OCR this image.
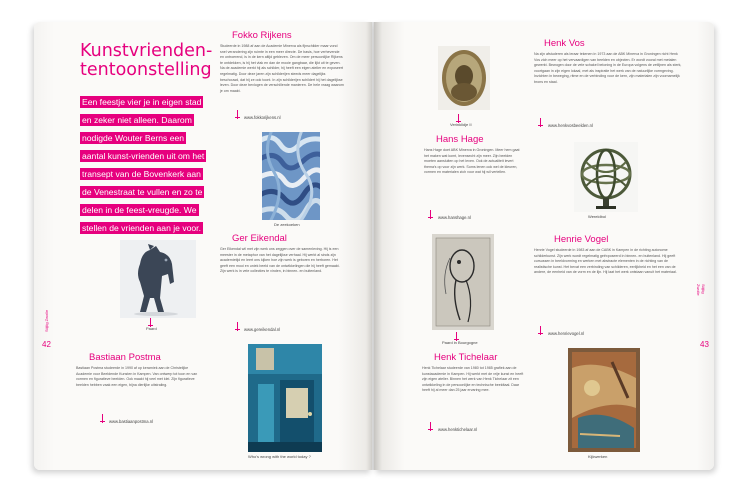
Kunstvrienden-
tentoonstelling
Een feestje vier je in eigen stad en zeker niet alleen. Daarom nodigde Wouter Berns een aantal kunst-vrienden uit om het transept van de Bovenkerk aan de Venestraat te vullen en zo te delen in de feest-vreugde. We stellen de vrienden aan je voor.
Fokko Rijkens
Studeerde in 1988 af aan de Academie Minerva als fijnschilder maar vond snel verandering zijn ruimte in een meer directe. De basis, hoe verhevende en ontroerend, is in de kern altijd gebleven. Om de meer persoonlijke Rijkens te ontdekken, is hij het vlak en dan de mooie gangbaar, die lijkt uit te geven. Na de academie werkt hij als schilder, hij heeft een eigen atelier en exposeert regelmatig. Door deze jaren zijn schilderijen steeds meer dagelijks beschouwd, dat hij ze ook toont. In zijn schilderijen schildert hij het dagelijkse leven. Door deze bevlogen de verschillende manieren. De hele vraag waarom je om maakt.
www.fokkorijkens.nl
De zeekoeken
Ger Eikendal
Ger Eikendal wil met zijn werk ons zeggen over de samenleving. Hij is een meester in de metaphor van het dagelijkse verhaal. Hij werkt al sinds zijn academietijd en leert ons kijken hoe zijn werk is geboren en herboren. Het geeft een mooi en uniek beeld van de ontwikkelingen die hij heeft gemaakt. Zijn werk is in vele collecties te vinden, in binnen- en buitenland.
www.gereikendal.nl
Who's wrong with the world today ?
Paard
Bastiaan Postma
Bastiaan Postma studeerde in 1990 af op keramiek aan de Christelijke Academie voor Beeldende Kunsten in Kampen. Van ontwerp tot toon en van vormen en figuratieve beelden. Ook maakt hij veel met klei. Zijn figuratieve beelden hebben vaak een eigen, bijna dierlijke uitstraling.
www.bastiaanpostma.nl
42
Stijlig Zwolle
Verinklidje II
Henk Vos
Na zijn afstuderen als leraar tekenen in 1973 aan de ABK Minerva in Groningen richt Henk Vos zich meer op het vervaardigen van beelden en objecten. Er wordt vooral met metalen gewerkt. Bewogen door de vele schakel beloning in de Europa volgens de zetlijnen als sterk, voortgaan in zijn eigen lokaal, met als inspiratie het werk van de natuurlijke vormgeving. Inzichten in beweging, ritme en de verbinding voor de kern, zijn materialen zijn voornamelijk brons en staal.
www.henkvosbeelden.nl
Wereldbol
Hans Hage
Hans Hage doet ABK Minerva in Groningen. Meer hem gaat het maken wat komt, levensecht zijn meer. Zijn beelden moeten aansluiten op het leven. Ook de actualiteit levert thema's op voor zijn werk. Soms lenen ook wel de kleuren, vormen en materialen zich voor wat hij wil vertellen.
www.hanshage.nl
Paard in Bourgogne
Henk Tichelaar
Henk Tichelaar studeerde van 1980 tot 1985 grafiek aan de kunstacademie in Kampen. Hij werkt met de vrije kunst en heeft zijn eigen atelier. Binnen het werk van Henk Tichelaar zit een ontwikkeling in de persoonlijke en technische beeldtaal. Daar heeft hij al meer dan 25 jaar ervaring mee.
www.henktichelaar.nl
Henrie Vogel
Henrie Vogel studeerde in 1983 af aan de CABK in Kampen in de richting autonome schilderkunst. Zijn werk wordt regelmatig geëxposeerd in binnen- en buitenland. Hij geeft cursussen in beeldvorming en werken met abstracte elementen in de richting van de realistische kunst. Het bevat een verbinding van schilderen, eerlijkheid en het een van de andere, de eenheid van de vorm en de lijn. Hij laat het werk ontstaan vanuit het materiaal.
www.henrievogel.nl
Kijkwerken
43
Stijlig Zwolle
